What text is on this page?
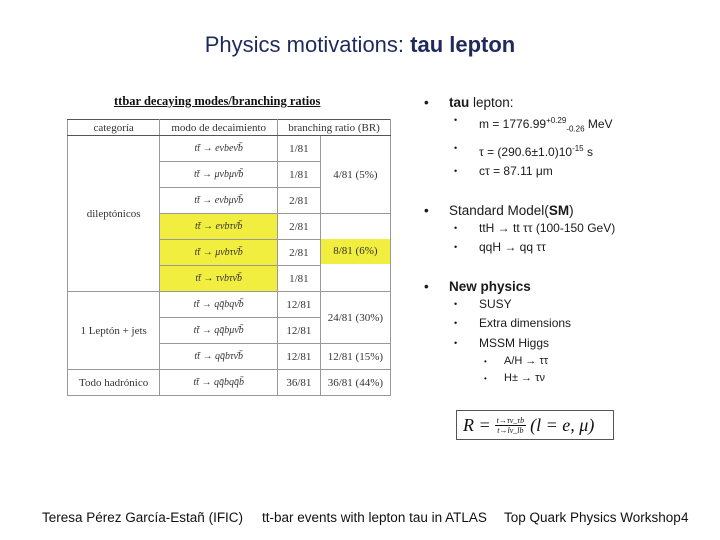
Physics motivations: tau lepton
ttbar decaying modes/branching ratios
categoría	modo de decaimiento	branching ratio (BR)	
dileptónicos	tt̄ → eνbeν̄b̄	1/81	4/81 (5%)
	tt̄ → μνbμν̄b̄	1/81	
	tt̄ → eνbμν̄b̄	2/81	
	tt̄ → eνbτν̄b̄	2/81	8/81 (6%)

	tt̄ → μνbτν̄b̄	2/81	
	tt̄ → τνbτν̄b̄	1/81	
1 Leptón + jets	tt̄ → qq̄bqν̄b̄	12/81	24/81 (30%)
	tt̄ → qq̄bμν̄b̄	12/81	
	tt̄ → qq̄bτν̄b̄	12/81	12/81 (15%)
Todo hadrónico	tt̄ → qq̄bqq̄b̄	36/81	36/81 (44%)

• tau lepton:

• $m = 1776.99^{+0.29}_{-0.26}$ MeV
• $\tau = (290.6\pm 1.0)10^{-15}$ s
• cτ = 87.11 μm

• Standard Model(SM)

• ttH → tt ττ (100-150 GeV)
• qqH → qq ττ

• New physics

• SUSY
• Extra dimensions
• MSSM Higgs
• A/H → ττ
• H± → τν
$R = \frac{t\to\tau\nu\_\tau b}{t\to l\nu\_lb} (l = e$, μ)
Teresa Pérez García-Estañ (IFIC) tt-bar events with lepton tau in ATLAS Top Quark Physics Workshop 4
